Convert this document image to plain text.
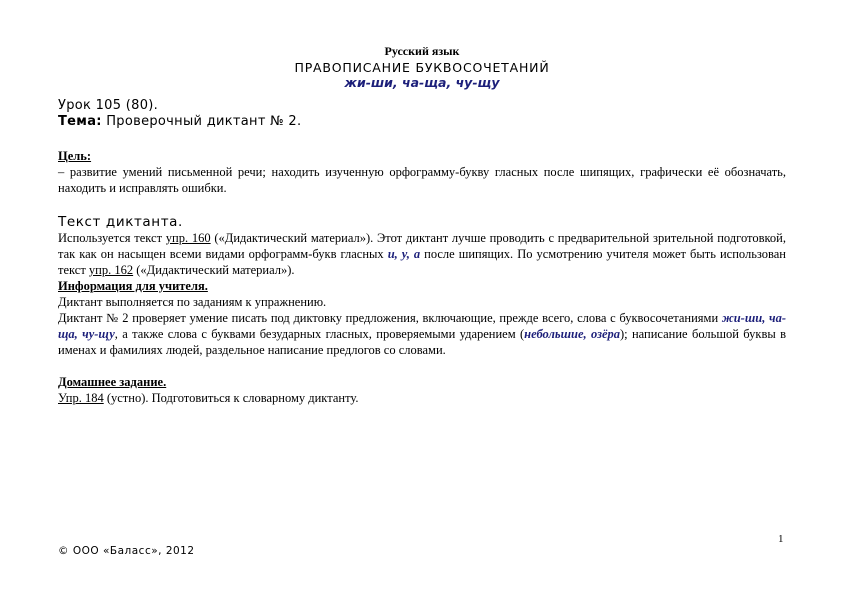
Русский язык
ПРАВОПИСАНИЕ БУКВОСОЧЕТАНИЙ
жи-ши, ча-ща, чу-щу
Урок 105 (80).
Тема: Проверочный диктант № 2.
Цель:
– развитие умений письменной речи; находить изученную орфограмму-букву гласных после шипящих, графически её обозначать, находить и исправлять ошибки.
Текст диктанта.
Используется текст упр. 160 («Дидактический материал»). Этот диктант лучше проводить с предварительной зрительной подготовкой, так как он насыщен всеми видами орфограмм-букв гласных и, у, а после шипящих. По усмотрению учителя может быть использован текст упр. 162 («Дидактический материал»).
Информация для учителя.
Диктант выполняется по заданиям к упражнению.
Диктант № 2 проверяет умение писать под диктовку предложения, включающие, прежде всего, слова с буквосочетаниями жи-ши, ча-ща, чу-щу, а также слова с буквами безударных гласных, проверяемыми ударением (небольшие, озёра); написание большой буквы в именах и фамилиях людей, раздельное написание предлогов со словами.
Домашнее задание.
Упр. 184 (устно). Подготовиться к словарному диктанту.
1
© ООО «Баласс», 2012
